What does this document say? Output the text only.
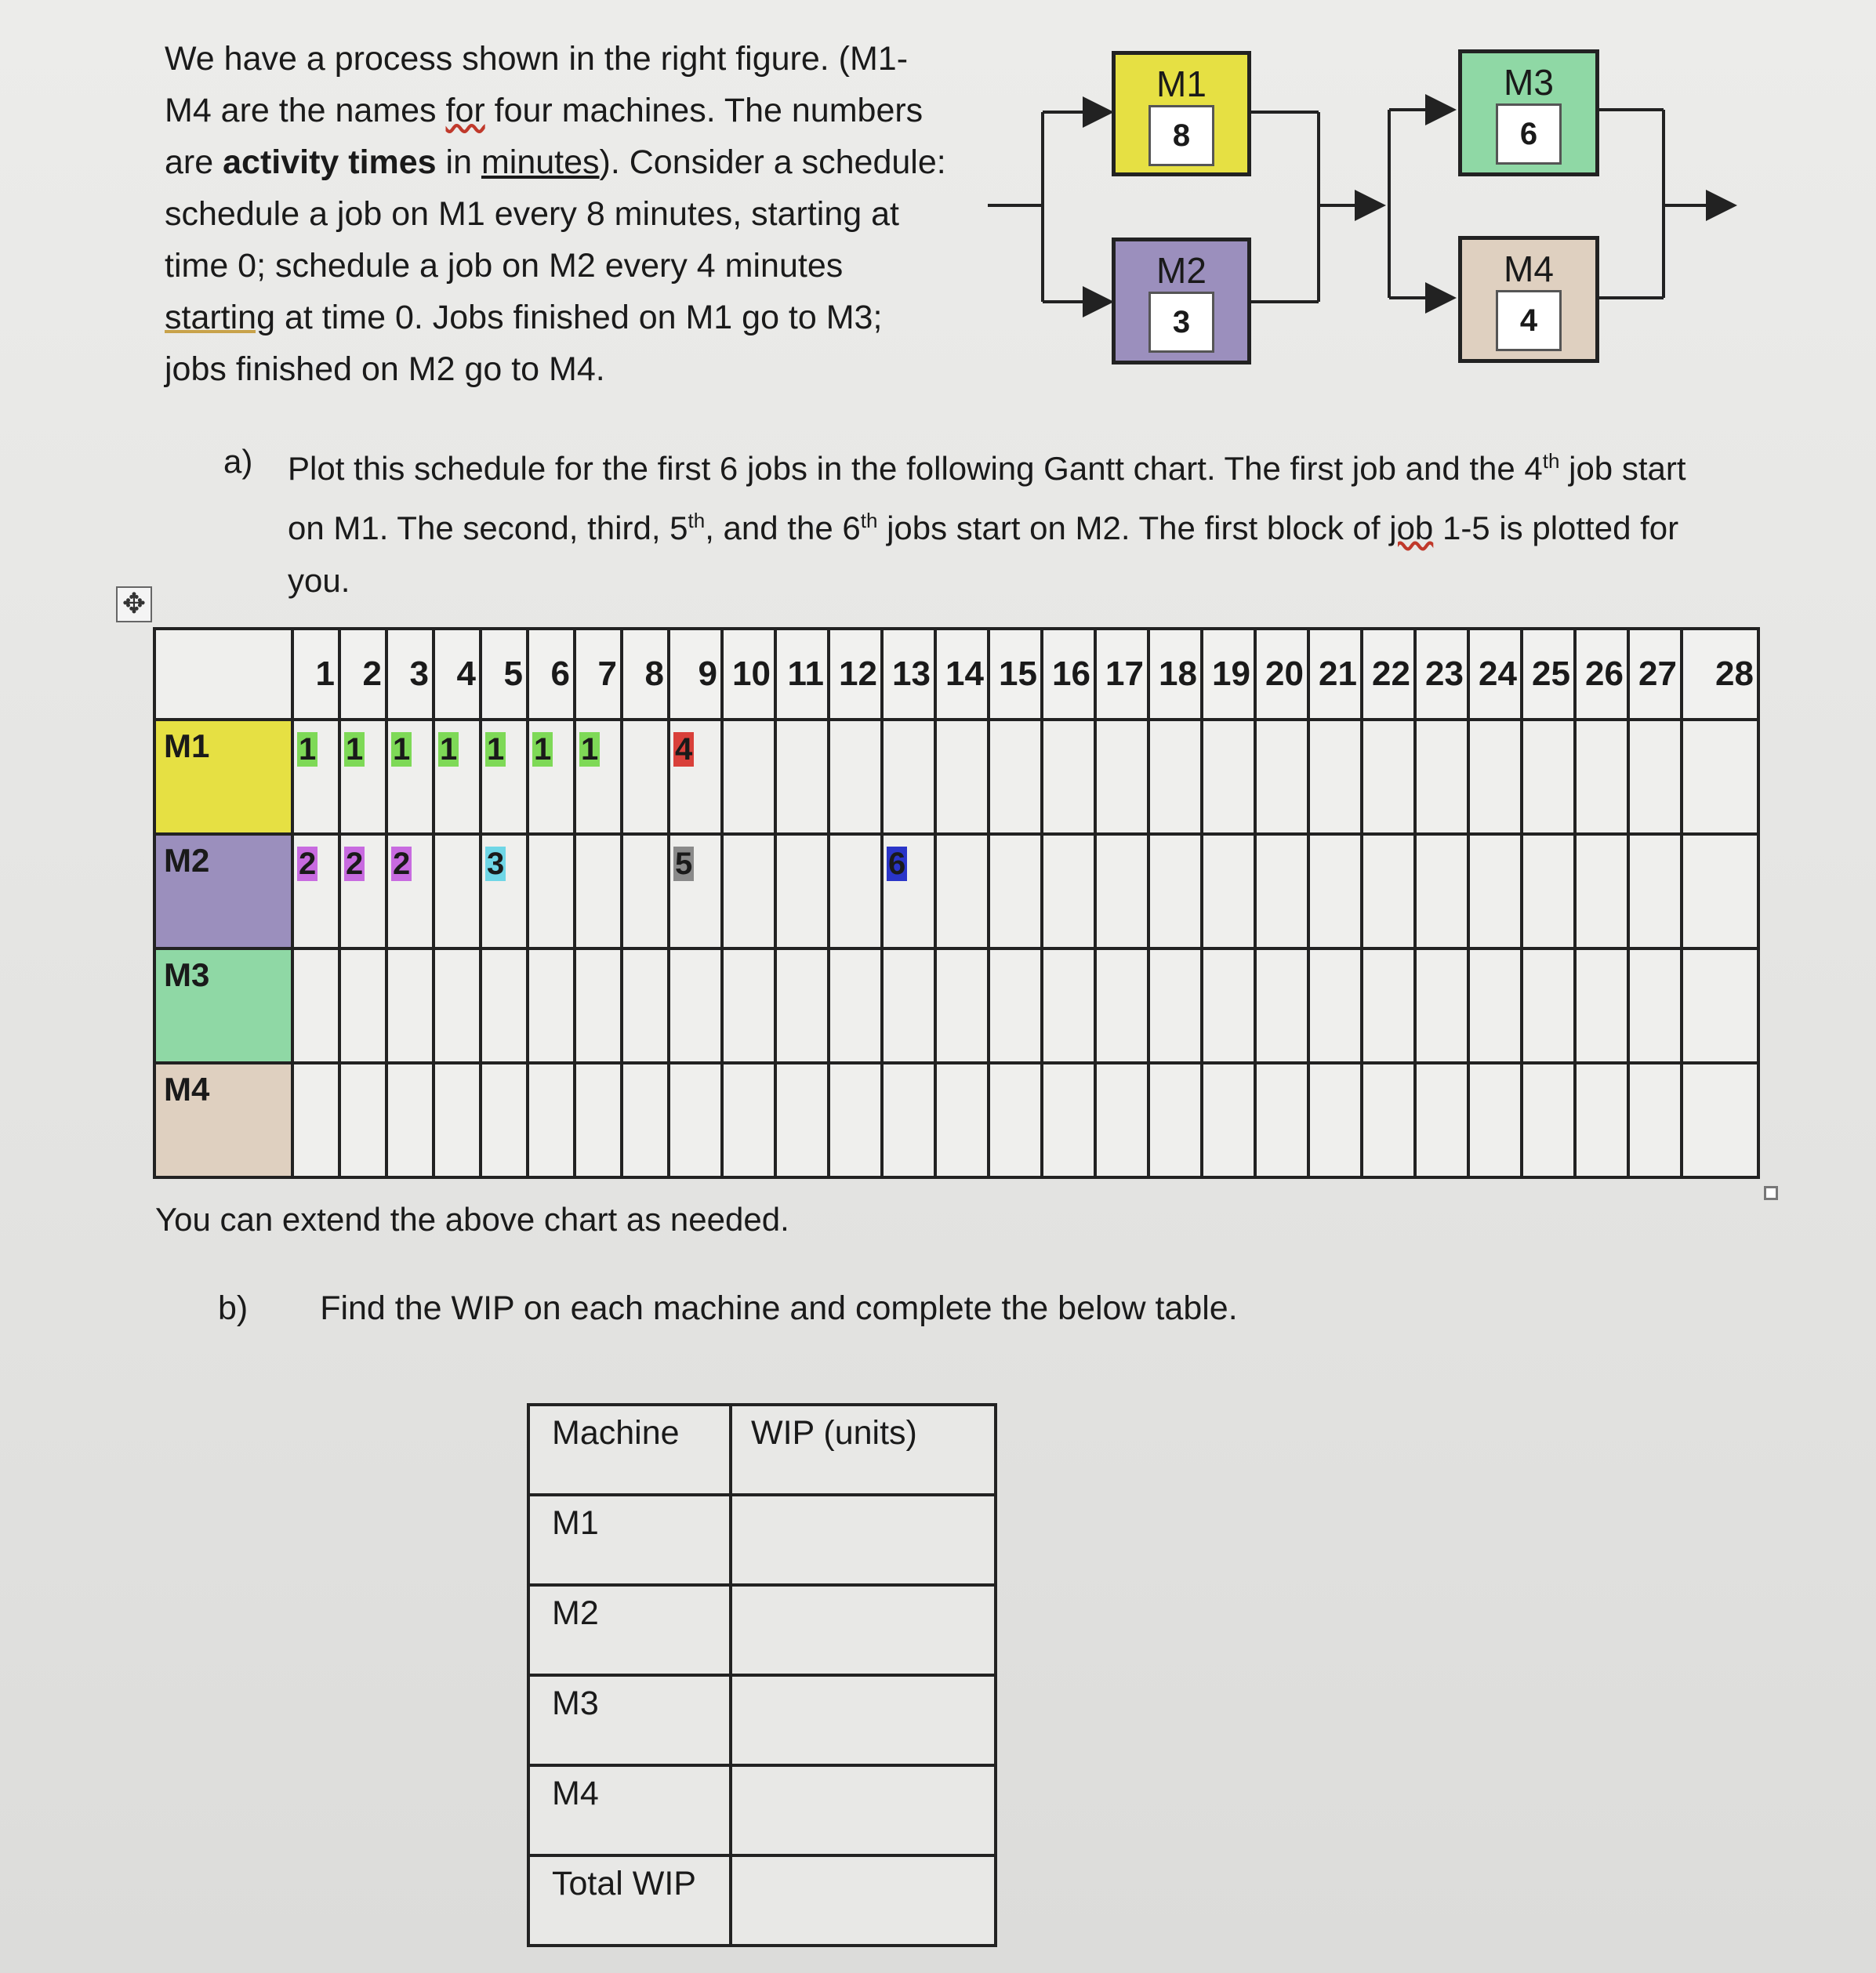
We have a process shown in the right figure. (M1-

M4 are the names for four machines. The numbers

are activity times in minutes). Consider a schedule:

schedule a job on M1 every 8 minutes, starting at

time 0; schedule a job on M2 every 4 minutes

starting at time 0. Jobs finished on M1 go to M3;

jobs finished on M2 go to M4.

M1
8
M2
3
M3
6
M4
4
a) Plot this schedule for the first 6 jobs in the following Gantt chart. The first job and the 4th job start on M1. The second, third, 5th, and the 6th jobs start on M2. The first block of job 1-5 is plotted for you.
✥
	1	2	3	4	5	6	7	8	9	10	11	12	13	14	15	16	17	18	19	20	21	22	23	24	25	26	27	28
M1	1	1	1	1	1	1	1		4																			
M2	2	2	2		3				5				6															
M3																												
M4																												
You can extend the above chart as needed.
b) Find the WIP on each machine and complete the below table.
Machine	WIP (units)
M1	
M2	
M3	
M4	
Total WIP	
